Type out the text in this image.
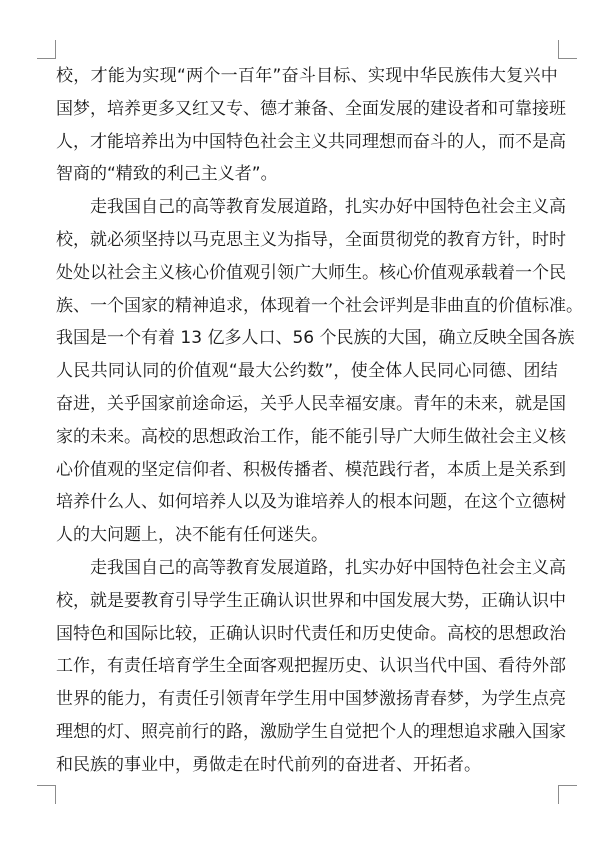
校 ， 才 能 为 实 现 “ 两 个 一 百 年 ” 奋 斗 目 标 、 实 现 中 华 民 族 伟 大 复 兴 中
国 梦 ， 培 养 更 多 又 红 又 专 、 德 才 兼 备 、 全 面 发 展 的 建 设 者 和 可 靠 接 班
人 ， 才 能 培 养 出 为 中 国 特 色 社 会 主 义 共 同 理 想 而 奋 斗 的 人 ， 而 不 是 高
智商的“精致的利己主义者”。

走 我 国 自 己 的 高 等 教 育 发 展 道 路 ， 扎 实 办 好 中 国 特 色 社 会 主 义 高
校 ， 就 必 须 坚 持 以 马 克 思 主 义 为 指 导 ， 全 面 贯 彻 党 的 教 育 方 针 ， 时 时
处 处 以 社 会 主 义 核 心 价 值 观 引 领 广 大 师 生 。 核 心 价 值 观 承 载 着 一 个 民
族 、 一 个 国 家 的 精 神 追 求 ， 体 现 着 一 个 社 会 评 判 是 非 曲 直 的 价 值 标 准 。
我 国 是 一 个 有 着
13
亿 多 人 口 、 56
个 民 族 的 大 国 ， 确 立 反 映 全 国 各 族
人 民 共 同 认 同 的 价 值 观 “ 最 大 公 约 数 ” ， 使 全 体 人 民 同 心 同 德 、 团 结
奋 进 ， 关 乎 国 家 前 途 命 运 ， 关 乎 人 民 幸 福 安 康 。 青 年 的 未 来 ， 就 是 国
家 的 未 来 。 高 校 的 思 想 政 治 工 作 ， 能 不 能 引 导 广 大 师 生 做 社 会 主 义 核
心 价 值 观 的 坚 定 信 仰 者 、 积 极 传 播 者 、 模 范 践 行 者 ， 本 质 上 是 关 系 到
培 养 什 么 人 、 如 何 培 养 人 以 及 为 谁 培 养 人 的 根 本 问 题 ， 在 这 个 立 德 树
人的大问题上，决不能有任何迷失。

走 我 国 自 己 的 高 等 教 育 发 展 道 路 ， 扎 实 办 好 中 国 特 色 社 会 主 义 高
校 ， 就 是 要 教 育 引 导 学 生 正 确 认 识 世 界 和 中 国 发 展 大 势 ， 正 确 认 识 中
国 特 色 和 国 际 比 较 ， 正 确 认 识 时 代 责 任 和 历 史 使 命 。 高 校 的 思 想 政 治
工 作 ， 有 责 任 培 育 学 生 全 面 客 观 把 握 历 史 、 认 识 当 代 中 国 、 看 待 外 部
世 界 的 能 力 ， 有 责 任 引 领 青 年 学 生 用 中 国 梦 激 扬 青 春 梦 ， 为 学 生 点 亮
理 想 的 灯 、 照 亮 前 行 的 路 ， 激 励 学 生 自 觉 把 个 人 的 理 想 追 求 融 入 国 家
和民族的事业中，勇做走在时代前列的奋进者、开拓者。
